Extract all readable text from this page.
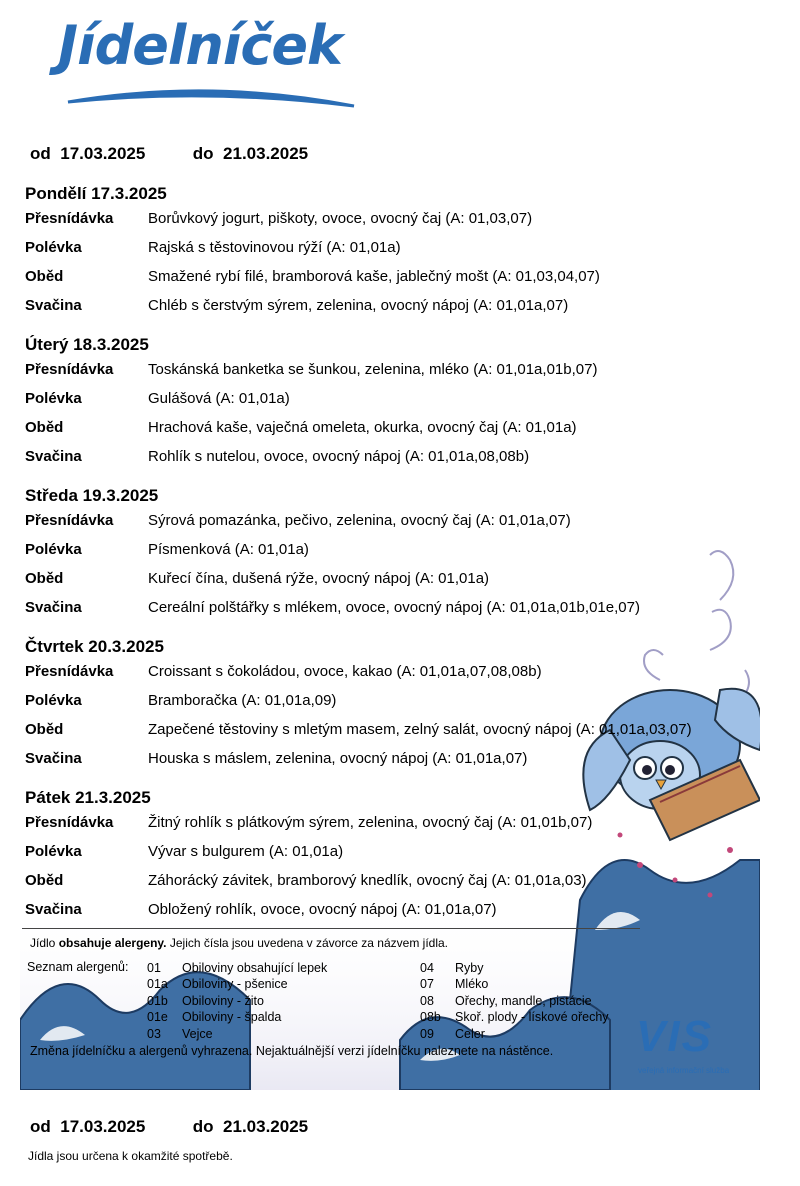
Jídelníček
od 17.03.2025	do 21.03.2025
Pondělí 17.3.2025
Přesnídávka Borůvkový jogurt, piškoty, ovoce, ovocný čaj (A: 01,03,07)
Polévka	Rajská s těstovinovou rýží (A: 01,01a)
Oběd	Smažené rybí filé, bramborová kaše, jablečný mošt (A: 01,03,04,07)
Svačina	Chléb s čerstvým sýrem, zelenina, ovocný nápoj (A: 01,01a,07)
Úterý 18.3.2025
Přesnídávka Toskánská banketka se šunkou, zelenina, mléko (A: 01,01a,01b,07)
Polévka	Gulášová (A: 01,01a)
Oběd	Hrachová kaše, vaječná omeleta, okurka, ovocný čaj (A: 01,01a)
Svačina	Rohlík s nutelou, ovoce, ovocný nápoj (A: 01,01a,08,08b)
Středa 19.3.2025
Přesnídávka Sýrová pomazánka, pečivo, zelenina, ovocný čaj (A: 01,01a,07)
Polévka	Písmenková (A: 01,01a)
Oběd	Kuřecí čína, dušená rýže, ovocný nápoj (A: 01,01a)
Svačina	Cereální polštářky s mlékem, ovoce, ovocný nápoj (A: 01,01a,01b,01e,07)
Čtvrtek 20.3.2025
Přesnídávka Croissant s čokoládou, ovoce, kakao (A: 01,01a,07,08,08b)
Polévka	Bramboračka (A: 01,01a,09)
Oběd	Zapečené těstoviny s mletým masem, zelný salát, ovocný nápoj (A: 01,01a,03,07)
Svačina	Houska s máslem, zelenina, ovocný nápoj (A: 01,01a,07)
Pátek 21.3.2025
Přesnídávka Žitný rohlík s plátkovým sýrem, zelenina, ovocný čaj (A: 01,01b,07)
Polévka	Vývar s bulgurem (A: 01,01a)
Oběd	Záhorácký závitek, bramborový knedlík, ovocný čaj (A: 01,01a,03)
Svačina	Obložený rohlík, ovoce, ovocný nápoj (A: 01,01a,07)
Jídlo obsahuje alergeny. Jejich čísla jsou uvedena v závorce za názvem jídla.
Seznam alergenů: 01 Obiloviny obsahující lepek
01a Obiloviny - pšenice
01b Obiloviny - žito
01e Obiloviny - špalda
03 Vejce
04 Ryby
07 Mléko
08 Ořechy, mandle, pistácie
08b Skoř. plody - lískové ořechy
09 Celer
Změna jídelníčku a alergenů vyhrazena. Nejaktuálnější verzi jídelníčku naleznete na nástěnce. VIS
veřejná informační služba
od 17.03.2025	do 21.03.2025
Jídla jsou určena k okamžité spotřebě.
